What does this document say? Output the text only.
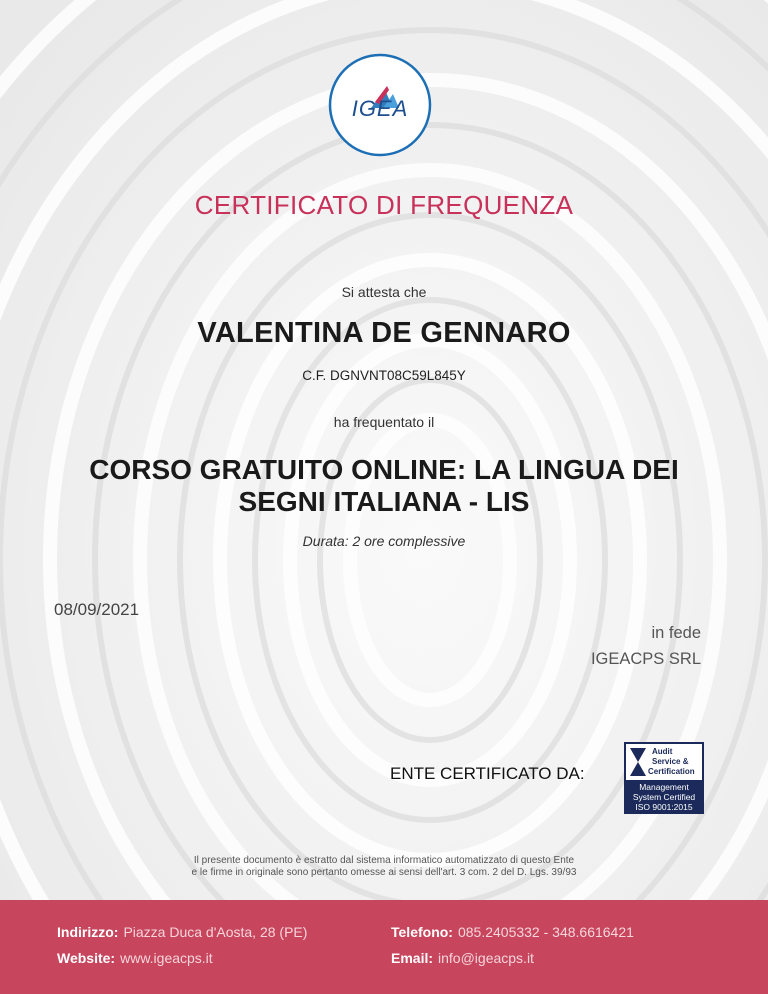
IGEA
CERTIFICATO DI FREQUENZA
Si attesta che
VALENTINA DE GENNARO
C.F. DGNVNT08C59L845Y
ha frequentato il
CORSO GRATUITO ONLINE: LA LINGUA DEI
SEGNI ITALIANA - LIS
Durata: 2 ore complessive
08/09/2021
in fede
IGEACPS SRL
ENTE CERTIFICATO DA:
Audit
Service &
Certification
Management
System Certified
ISO 9001:2015
Il presente documento è estratto dal sistema informatico automatizzato di questo Ente
e le firme in originale sono pertanto omesse ai sensi dell'art. 3 com. 2 del D. Lgs. 39/93
Indirizzo: Piazza Duca d'Aosta, 28 (PE)	Telefono: 085.2405332 - 348.6616421
Website: www.igeacps.it	Email: info@igeacps.it
